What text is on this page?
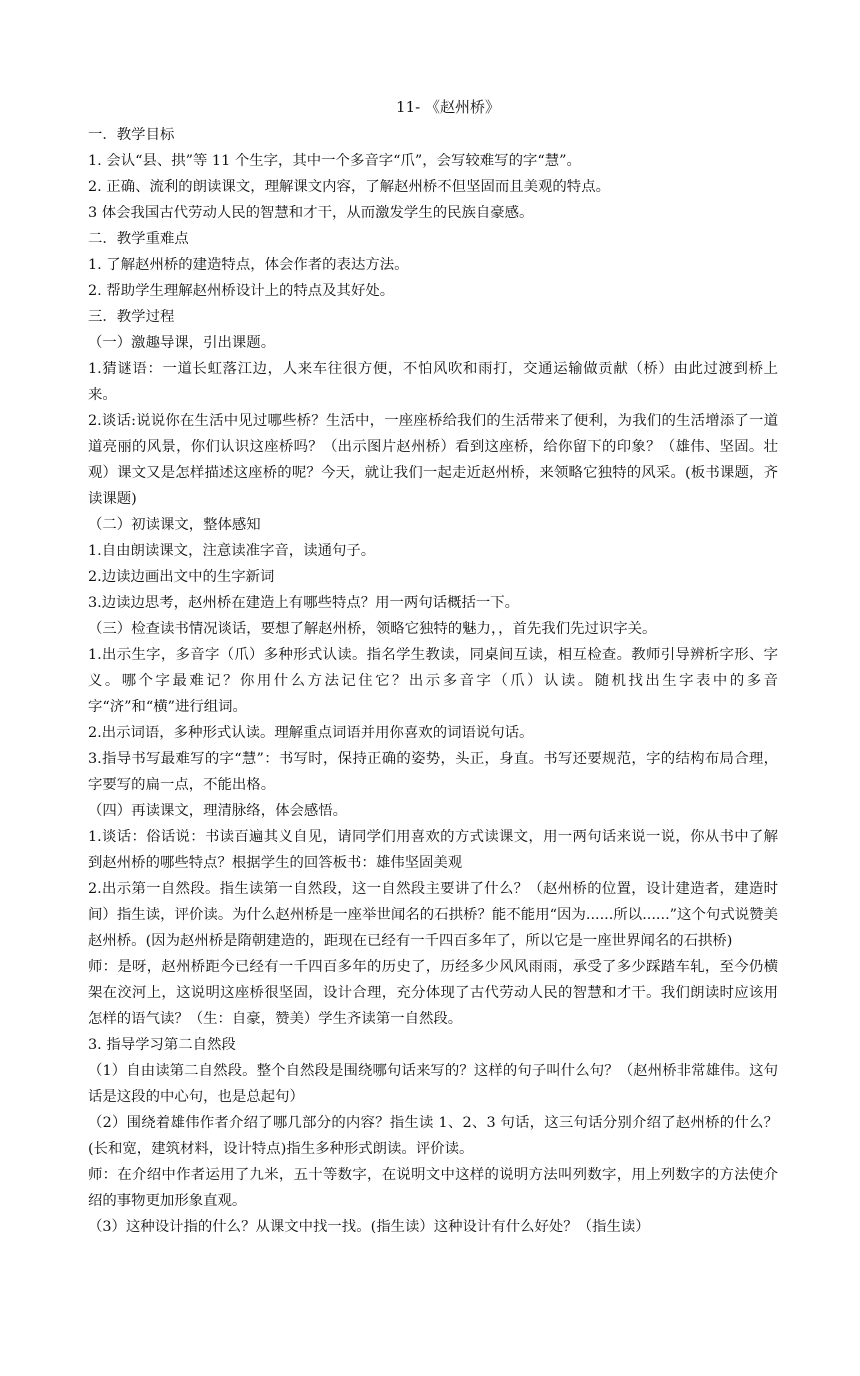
11- 《赵州桥》

一．教学目标

1. 会认“县、拱”等 11 个生字，其中一个多音字“爪”，会写较难写的字“慧”。

2. 正确、流利的朗读课文，理解课文内容，了解赵州桥不但坚固而且美观的特点。

3 体会我国古代劳动人民的智慧和才干，从而激发学生的民族自豪感。

二．教学重难点

1. 了解赵州桥的建造特点，体会作者的表达方法。

2. 帮助学生理解赵州桥设计上的特点及其好处。

三．教学过程

（一）激趣导课，引出课题。

1.猜谜语：一道长虹落江边，人来车往很方便，不怕风吹和雨打，交通运输做贡献（桥）由此过渡到桥上来。

2.谈话:说说你在生活中见过哪些桥？生活中，一座座桥给我们的生活带来了便利，为我们的生活增添了一道道亮丽的风景，你们认识这座桥吗？（出示图片赵州桥）看到这座桥，给你留下的印象？（雄伟、坚固。壮观）课文又是怎样描述这座桥的呢？今天，就让我们一起走近赵州桥，来领略它独特的风采。(板书课题，齐读课题)

（二）初读课文，整体感知

1.自由朗读课文，注意读准字音，读通句子。

2.边读边画出文中的生字新词

3.边读边思考，赵州桥在建造上有哪些特点？用一两句话概括一下。

（三）检查读书情况谈话，要想了解赵州桥，领略它独特的魅力，，首先我们先过识字关。

1.出示生字，多音字（爪）多种形式认读。指名学生教读，同桌间互读，相互检查。教师引导辨析字形、字义。哪个字最难记？你用什么方法记住它？出示多音字（爪）认读。随机找出生字表中的多音字“济”和“横”进行组词。

2.出示词语，多种形式认读。理解重点词语并用你喜欢的词语说句话。

3.指导书写最难写的字“慧”：书写时，保持正确的姿势，头正，身直。书写还要规范，字的结构布局合理，字要写的扁一点，不能出格。

（四）再读课文，理清脉络，体会感悟。

1.谈话：俗话说：书读百遍其义自见，请同学们用喜欢的方式读课文，用一两句话来说一说，你从书中了解到赵州桥的哪些特点？根据学生的回答板书：雄伟坚固美观

2.出示第一自然段。指生读第一自然段，这一自然段主要讲了什么？（赵州桥的位置，设计建造者，建造时间）指生读，评价读。为什么赵州桥是一座举世闻名的石拱桥？能不能用“因为......所以......”这个句式说赞美赵州桥。(因为赵州桥是隋朝建造的，距现在已经有一千四百多年了，所以它是一座世界闻名的石拱桥)

师：是呀，赵州桥距今已经有一千四百多年的历史了，历经多少风风雨雨，承受了多少踩踏车轧，至今仍横架在洨河上，这说明这座桥很坚固，设计合理，充分体现了古代劳动人民的智慧和才干。我们朗读时应该用怎样的语气读？（生：自豪，赞美）学生齐读第一自然段。

3. 指导学习第二自然段

（1）自由读第二自然段。整个自然段是围绕哪句话来写的？这样的句子叫什么句？（赵州桥非常雄伟。这句话是这段的中心句，也是总起句）

（2）围绕着雄伟作者介绍了哪几部分的内容？指生读 1、2、3 句话，这三句话分别介绍了赵州桥的什么？(长和宽，建筑材料，设计特点)指生多种形式朗读。评价读。

师：在介绍中作者运用了九米，五十等数字，在说明文中这样的说明方法叫列数字，用上列数字的方法使介绍的事物更加形象直观。

（3）这种设计指的什么？从课文中找一找。(指生读）这种设计有什么好处？（指生读）
